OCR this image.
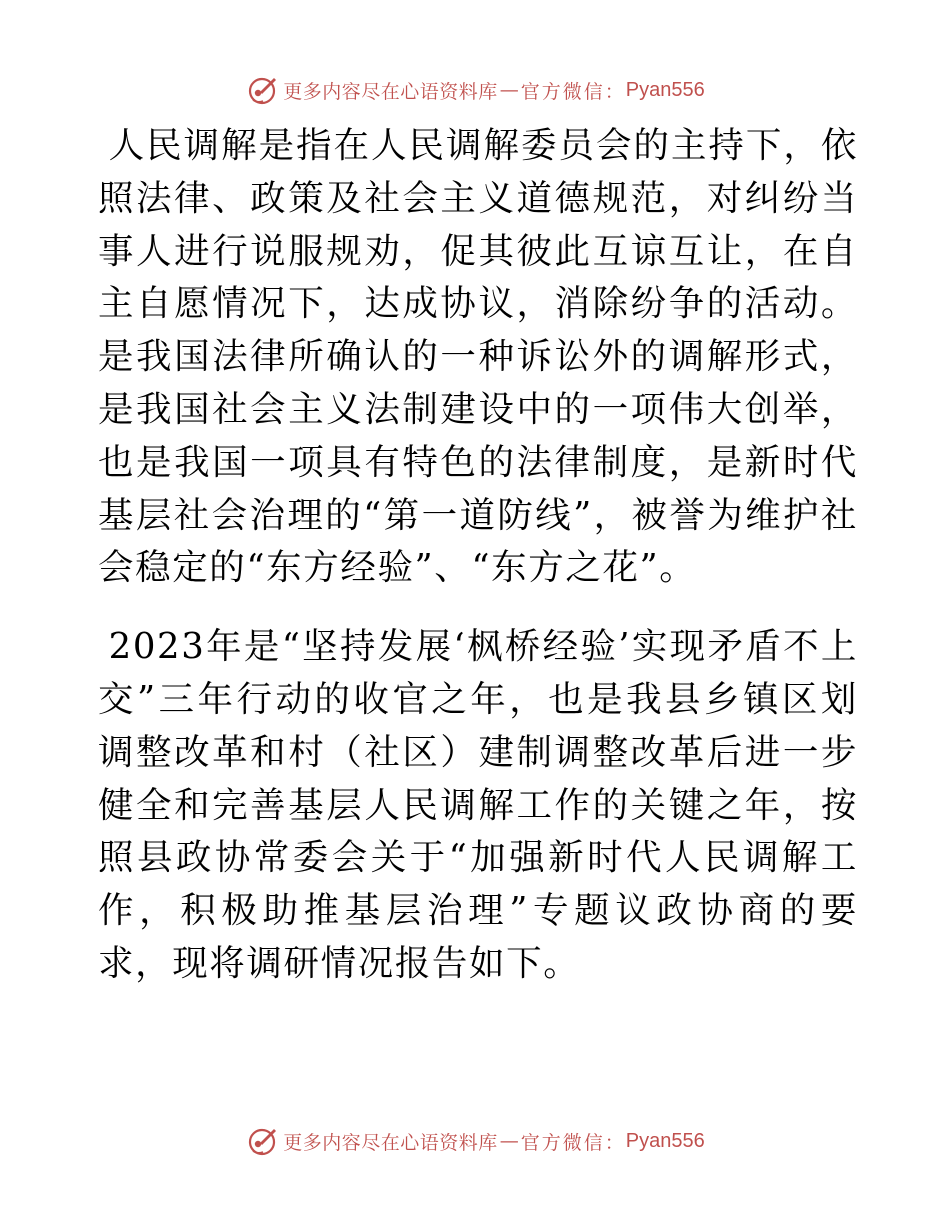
更多内容尽在心语资料库 — 官方微信： Pyan556

人民调解是指在人民调解委员会的主持下，依照法律、政策及社会主义道德规范，对纠纷当事人进行说服规劝，促其彼此互谅互让，在自主自愿情况下，达成协议，消除纷争的活动。是我国法律所确认的一种诉讼外的调解形式，是我国社会主义法制建设中的一项伟大创举，也是我国一项具有特色的法律制度，是新时代基层社会治理的“第一道防线”，被誉为维护社会稳定的“东方经验”、“东方之花”。

2023年是“坚持发展‘枫桥经验’实现矛盾不上交”三年行动的收官之年，也是我县乡镇区划调整改革和村（社区）建制调整改革后进一步健全和完善基层人民调解工作的关键之年，按照县政协常委会关于“加强新时代人民调解工作，积极助推基层治理”专题议政协商的要求，现将调研情况报告如下。

更多内容尽在心语资料库 — 官方微信： Pyan556
